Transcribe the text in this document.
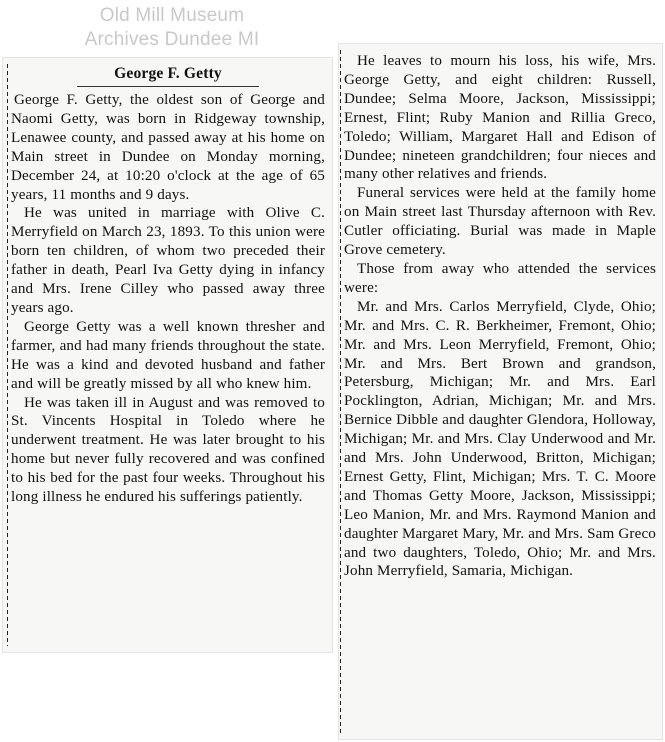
Old Mill Museum
Archives Dundee MI
George F. Getty

George F. Getty, the oldest son of George and Naomi Getty, was born in Ridgeway township, Lenawee county, and passed away at his home on Main street in Dundee on Monday morning, December 24, at 10:20 o'clock at the age of 65 years, 11 months and 9 days.

He was united in marriage with Olive C. Merryfield on March 23, 1893. To this union were born ten children, of whom two preceded their father in death, Pearl Iva Getty dying in infancy and Mrs. Irene Cilley who passed away three years ago.

George Getty was a well known thresher and farmer, and had many friends throughout the state. He was a kind and devoted husband and father and will be greatly missed by all who knew him.

He was taken ill in August and was removed to St. Vincents Hospital in Toledo where he underwent treatment. He was later brought to his home but never fully recovered and was confined to his bed for the past four weeks. Throughout his long illness he endured his sufferings patiently.

He leaves to mourn his loss, his wife, Mrs. George Getty, and eight children: Russell, Dundee; Selma Moore, Jackson, Mississippi; Ernest, Flint; Ruby Manion and Rillia Greco, Toledo; William, Margaret Hall and Edison of Dundee; nineteen grandchildren; four nieces and many other relatives and friends.

Funeral services were held at the family home on Main street last Thursday afternoon with Rev. Cutler officiating. Burial was made in Maple Grove cemetery.

Those from away who attended the services were:

Mr. and Mrs. Carlos Merryfield, Clyde, Ohio; Mr. and Mrs. C. R. Berkheimer, Fremont, Ohio; Mr. and Mrs. Leon Merryfield, Fremont, Ohio; Mr. and Mrs. Bert Brown and grandson, Petersburg, Michigan; Mr. and Mrs. Earl Pocklington, Adrian, Michigan; Mr. and Mrs. Bernice Dibble and daughter Glendora, Holloway, Michigan; Mr. and Mrs. Clay Underwood and Mr. and Mrs. John Underwood, Britton, Michigan; Ernest Getty, Flint, Michigan; Mrs. T. C. Moore and Thomas Getty Moore, Jackson, Mississippi; Leo Manion, Mr. and Mrs. Raymond Manion and daughter Margaret Mary, Mr. and Mrs. Sam Greco and two daughters, Toledo, Ohio; Mr. and Mrs. John Merryfield, Samaria, Michigan.
